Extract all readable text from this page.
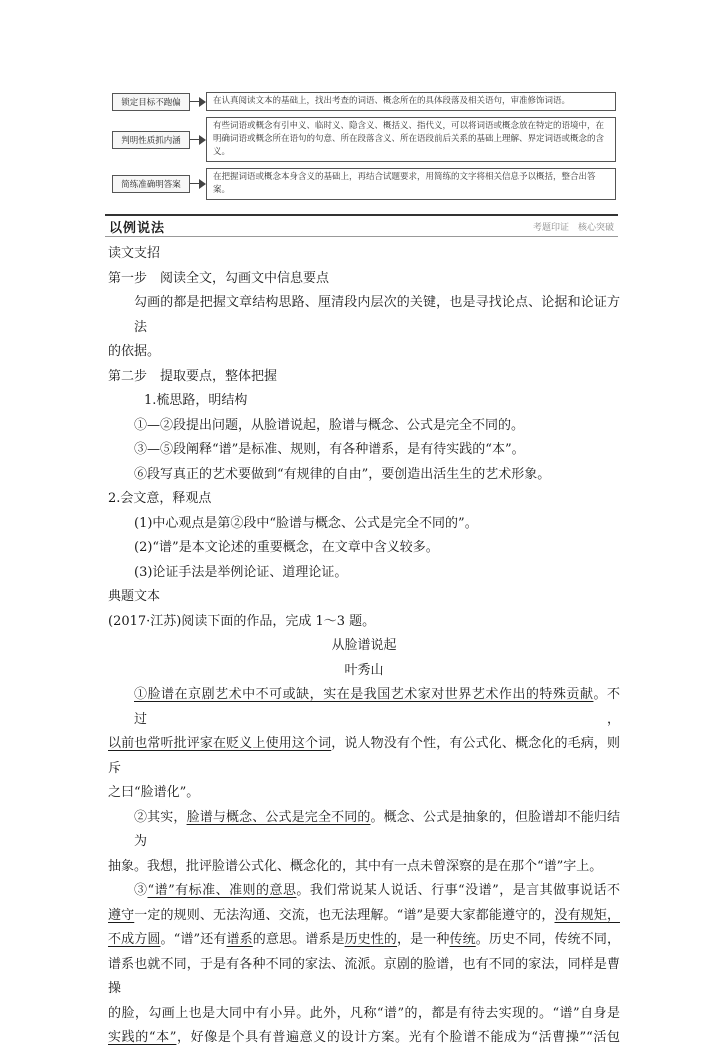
锁定目标不跑偏	在认真阅读文本的基础上，找出考查的词语、概念所在的具体段落及相关语句，审准修饰词语。
判明性质抓内涵
有些词语或概念有引申义、临时义、隐含义、概括义、指代义，可以将词语或概念放在特定的语境中，在明确词语或概念所在语句的句意、所在段落含义、所在语段前后关系的基础上理解、界定词语或概念的含义。
简练准确明答案
在把握词语或概念本身含义的基础上，再结合试题要求，用简练的文字将相关信息予以概括，整合出答案。
以例说法	考题印证　核心突破

读文支招

第一步　阅读全文，勾画文中信息要点

勾画的都是把握文章结构思路、厘清段内层次的关键，也是寻找论点、论据和论证方法

的依据。

第二步　提取要点，整体把握

1.梳思路，明结构

①—②段提出问题，从脸谱说起，脸谱与概念、公式是完全不同的。

③—⑤段阐释“谱”是标准、规则，有各种谱系，是有待实践的“本”。

⑥段写真正的艺术要做到“有规律的自由”，要创造出活生生的艺术形象。

2.会文意，释观点

(1)中心观点是第②段中“脸谱与概念、公式是完全不同的”。

(2)“谱”是本文论述的重要概念，在文章中含义较多。

(3)论证手法是举例论证、道理论证。

典题文本

(2017·江苏)阅读下面的作品，完成 1～3 题。

从脸谱说起

叶秀山

①脸谱在京剧艺术中不可或缺，实在是我国艺术家对世界艺术作出的特殊贡献。不过，

以前也常听批评家在贬义上使用这个词，说人物没有个性，有公式化、概念化的毛病，则斥

之曰“脸谱化”。

②其实，脸谱与概念、公式是完全不同的。概念、公式是抽象的，但脸谱却不能归结为

抽象。我想，批评脸谱公式化、概念化的，其中有一点未曾深察的是在那个“谱”字上。

③“谱”有标准、准则的意思。我们常说某人说话、行事“没谱”，是言其做事说话不

遵守一定的规则、无法沟通、交流，也无法理解。“谱”是要大家都能遵守的，没有规矩，

不成方圆。“谱”还有谱系的意思。谱系是历史性的，是一种传统。历史不同，传统不同，

谱系也就不同，于是有各种不同的家法、流派。京剧的脸谱，也有不同的家法，同样是曹操

的脸，勾画上也是大同中有小异。此外，凡称“谱”的，都是有待去实现的。“谱”自身是

实践的“本”，好像是个具有普遍意义的设计方案。光有个脸谱不能成为“活曹操”“活包
